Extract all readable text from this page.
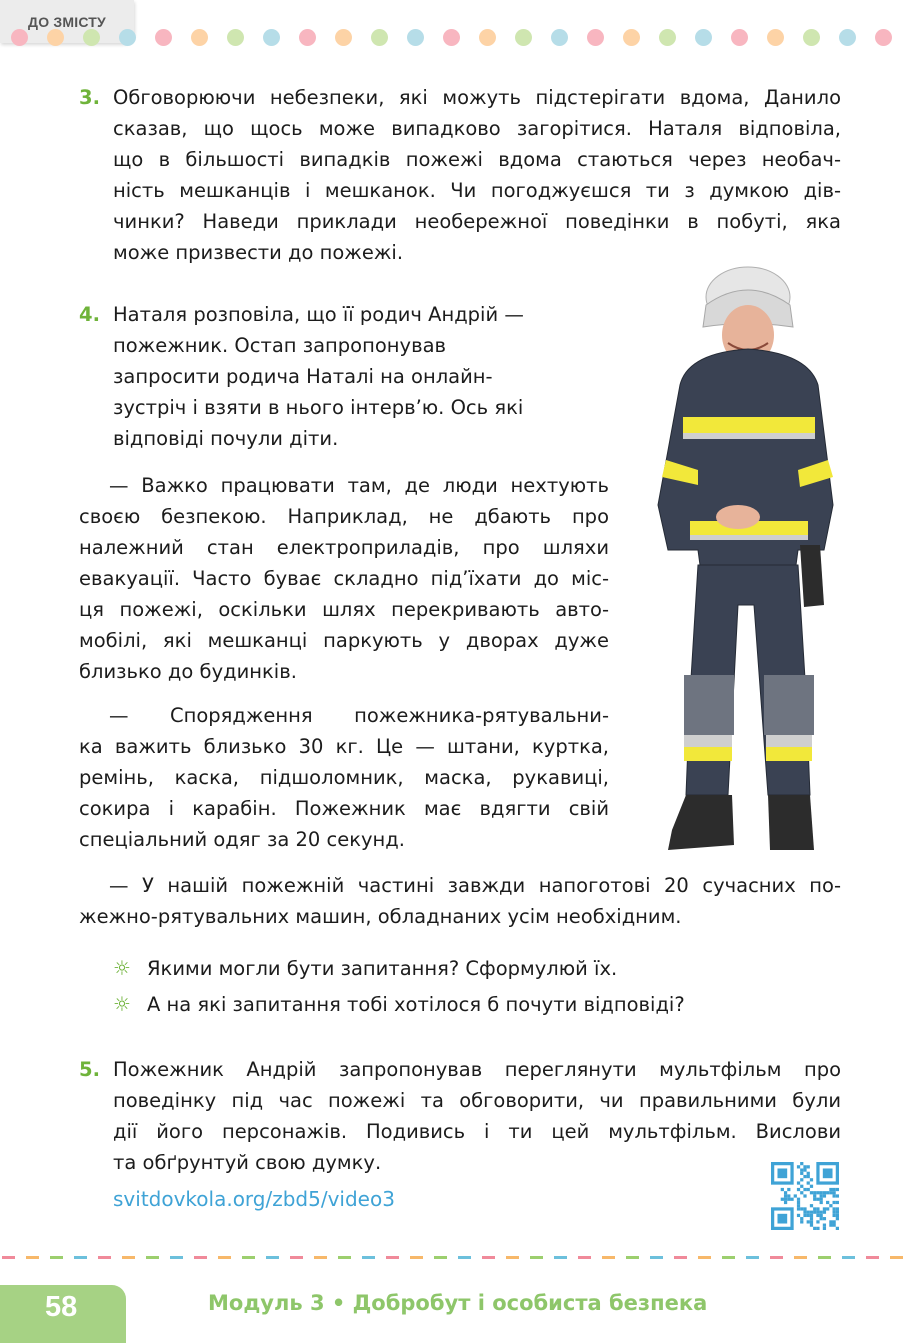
ДО ЗМІСТУ
3. Обговорюючи небезпеки, які можуть підстерігати вдома, Данило
сказав, що щось може випадково загорітися. Наталя відповіла,
що в більшості випадків пожежі вдома стаються через необач-
ність мешканців і мешканок. Чи погоджуєшся ти з думкою дів-
чинки? Наведи приклади необережної поведінки в побуті, яка
може призвести до пожежі.
4. Наталя розповіла, що її родич Андрій —
пожежник. Остап запропонував
запросити родича Наталі на онлайн-
зустріч і взяти в нього інтерв’ю. Ось які
відповіді почули діти.
— Важко працювати там, де люди нехтують
своєю безпекою. Наприклад, не дбають про
належний стан електроприладів, про шляхи
евакуації. Часто буває складно під’їхати до міс-
ця пожежі, оскільки шлях перекривають авто-
мобілі, які мешканці паркують у дворах дуже
близько до будинків.
— Спорядження пожежника-рятувальни-
ка важить близько 30 кг. Це — штани, куртка,
ремінь, каска, підшоломник, маска, рукавиці,
сокира і карабін. Пожежник має вдягти свій
спеціальний одяг за 20 секунд.
— У нашій пожежній частині завжди напоготові 20 сучасних по-
жежно-рятувальних машин, обладнаних усім необхідним.
☼ Якими могли бути запитання? Сформулюй їх.
☼ А на які запитання тобі хотілося б почути відповіді?
5. Пожежник Андрій запропонував переглянути мультфільм про
поведінку під час пожежі та обговорити, чи правильними були
дії його персонажів. Подивись і ти цей мультфільм. Вислови
та обґрунтуй свою думку.
svitdovkola.org/zbd5/video3
58	Модуль 3 • Добробут і особиста безпека
